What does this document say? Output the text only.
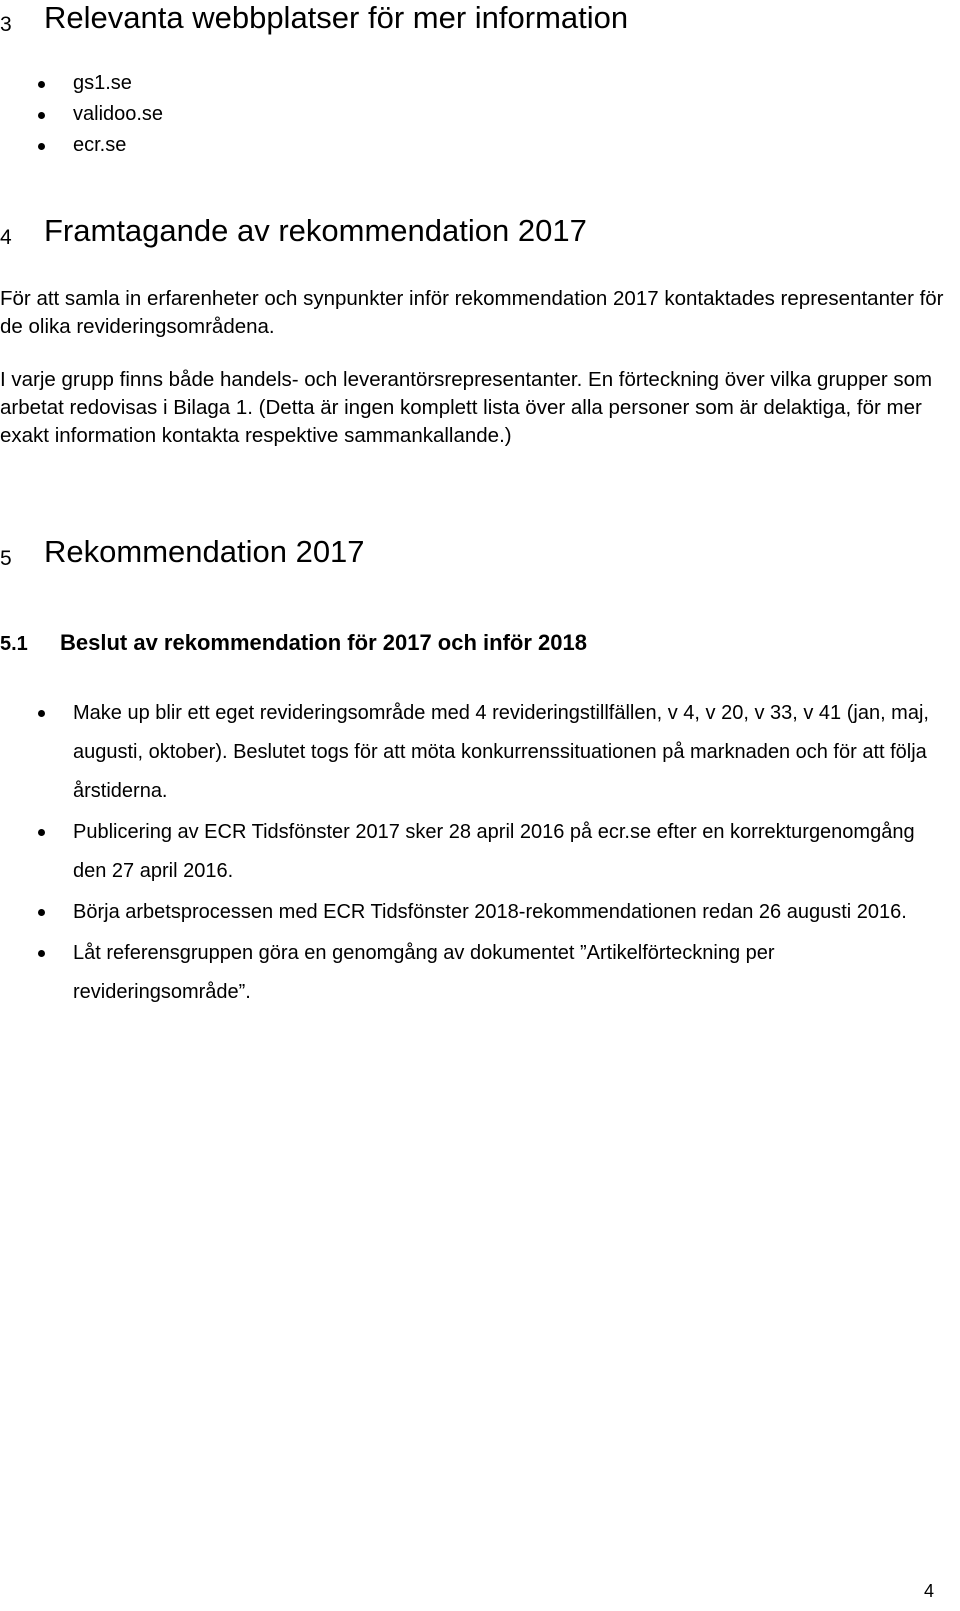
3 Relevanta webbplatser för mer information
gs1.se
validoo.se
ecr.se
4 Framtagande av rekommendation 2017

För att samla in erfarenheter och synpunkter inför rekommendation 2017 kontaktades representanter för de olika revideringsområdena.

I varje grupp finns både handels- och leverantörsrepresentanter. En förteckning över vilka grupper som arbetat redovisas i Bilaga 1. (Detta är ingen komplett lista över alla personer som är delaktiga, för mer exakt information kontakta respektive sammankallande.)

5 Rekommendation 2017
5.1 Beslut av rekommendation för 2017 och inför 2018
Make up blir ett eget revideringsområde med 4 revideringstillfällen, v 4, v 20, v 33, v 41 (jan, maj, augusti, oktober). Beslutet togs för att möta konkurrenssituationen på marknaden och för att följa årstiderna.
Publicering av ECR Tidsfönster 2017 sker 28 april 2016 på ecr.se efter en korrekturgenomgång den 27 april 2016.
Börja arbetsprocessen med ECR Tidsfönster 2018-rekommendationen redan 26 augusti 2016.
Låt referensgruppen göra en genomgång av dokumentet ”Artikelförteckning per revideringsområde”.
4
